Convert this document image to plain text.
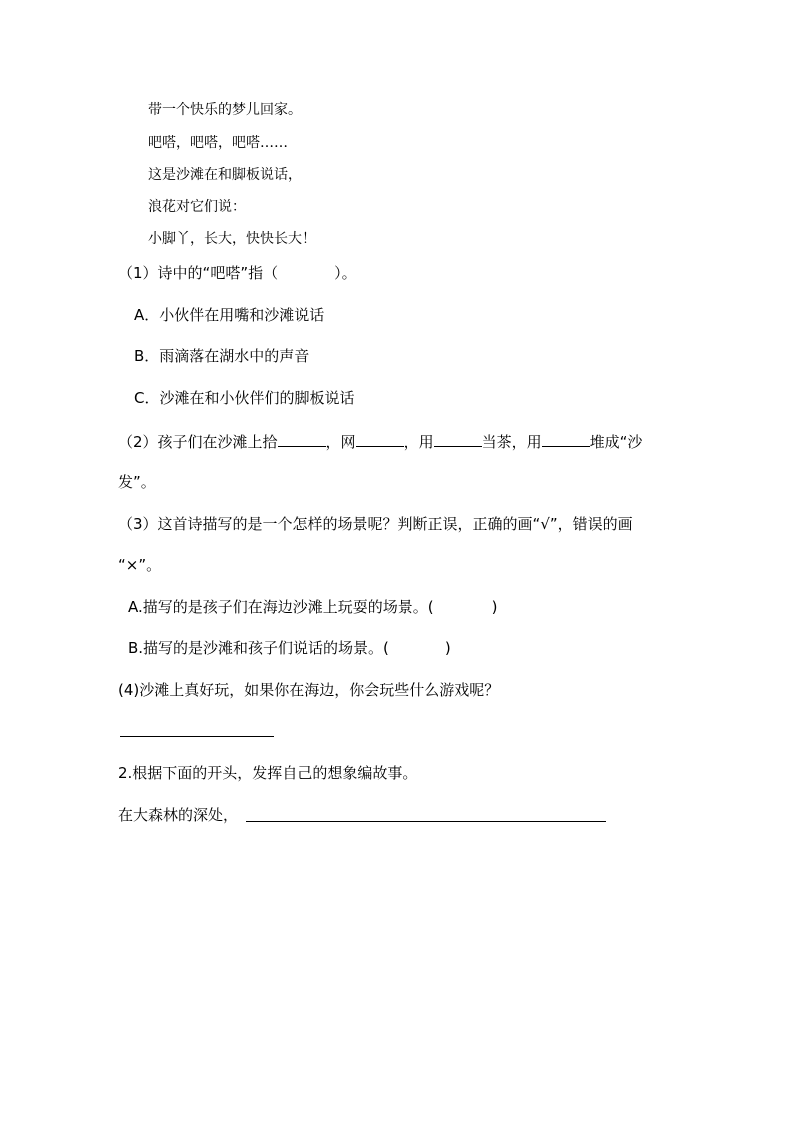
带一个快乐的梦儿回家。
吧嗒，吧嗒，吧嗒……
这是沙滩在和脚板说话，
浪花对它们说：
小脚丫，长大，快快长大！
（1）诗中的“吧嗒”指（	）。
A．小伙伴在用嘴和沙滩说话
B．雨滴落在湖水中的声音
C．沙滩在和小伙伴们的脚板说话
（2）孩子们在沙滩上拾	，网	，用	当茶，用	堆成“沙
发”。
（3）这首诗描写的是一个怎样的场景呢？判断正误，正确的画“√”，错误的画
“×”。
A.描写的是孩子们在海边沙滩上玩耍的场景。(	)
B.描写的是沙滩和孩子们说话的场景。(	)
(4)沙滩上真好玩，如果你在海边，你会玩些什么游戏呢？
2.根据下面的开头，发挥自己的想象编故事。
在大森林的深处，
